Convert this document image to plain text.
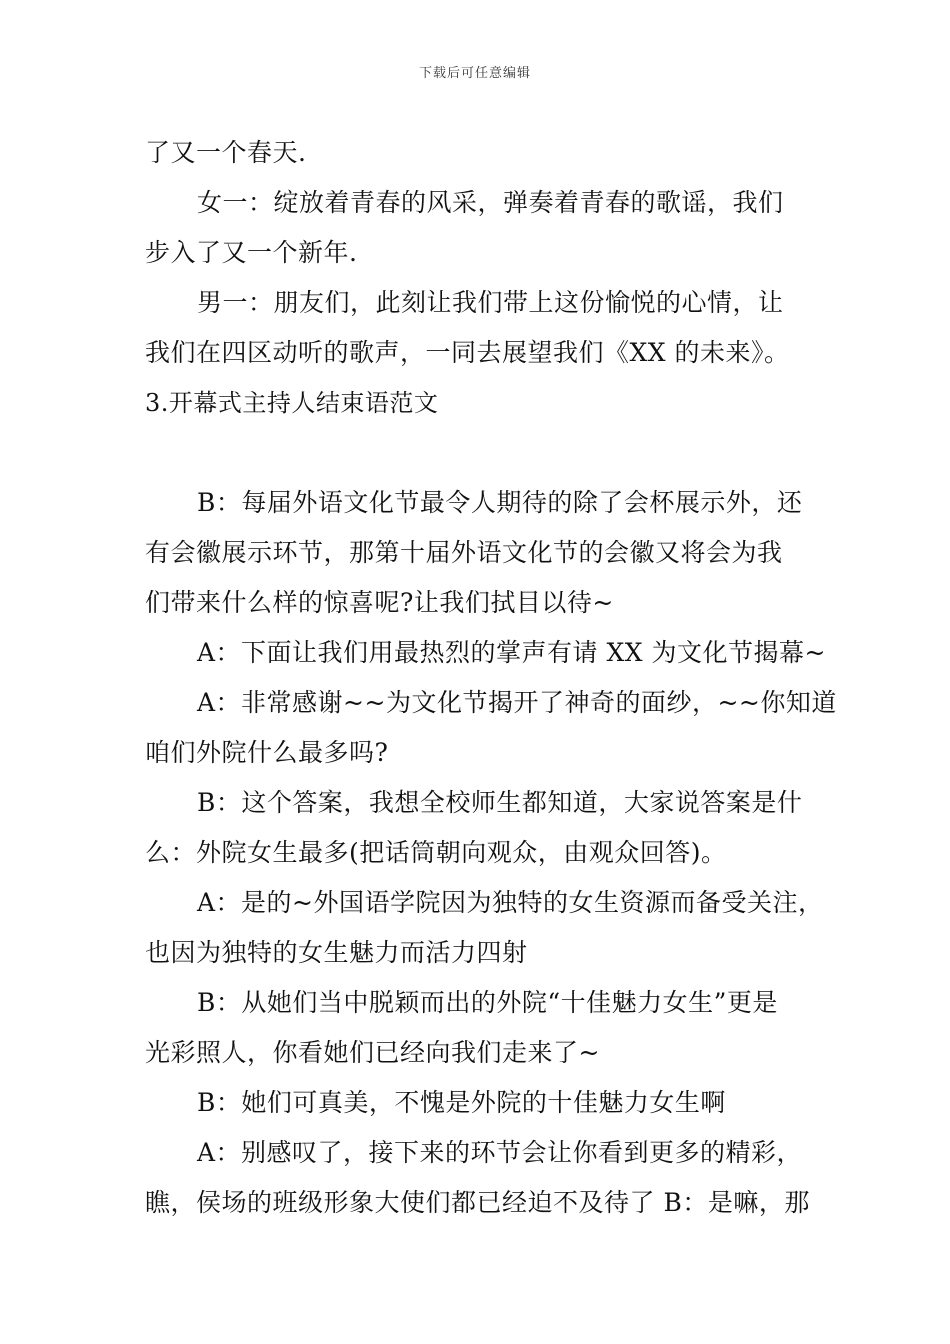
下载后可任意编辑
了又一个春天.
女一：绽放着青春的风采，弹奏着青春的歌谣，我们
步入了又一个新年.
男一：朋友们，此刻让我们带上这份愉悦的心情，让
我们在四区动听的歌声，一同去展望我们《XX 的未来》。
3.开幕式主持人结束语范文
B：每届外语文化节最令人期待的除了会杯展示外，还
有会徽展示环节，那第十届外语文化节的会徽又将会为我
们带来什么样的惊喜呢?让我们拭目以待~
A：下面让我们用最热烈的掌声有请 XX 为文化节揭幕~
A：非常感谢~~为文化节揭开了神奇的面纱，~~你知道
咱们外院什么最多吗?
B：这个答案，我想全校师生都知道，大家说答案是什
么：外院女生最多(把话筒朝向观众，由观众回答)。
A：是的~外国语学院因为独特的女生资源而备受关注，
也因为独特的女生魅力而活力四射
B：从她们当中脱颖而出的外院“十佳魅力女生”更是
光彩照人，你看她们已经向我们走来了~
B：她们可真美，不愧是外院的十佳魅力女生啊
A：别感叹了，接下来的环节会让你看到更多的精彩，
瞧，侯场的班级形象大使们都已经迫不及待了 B：是嘛，那
